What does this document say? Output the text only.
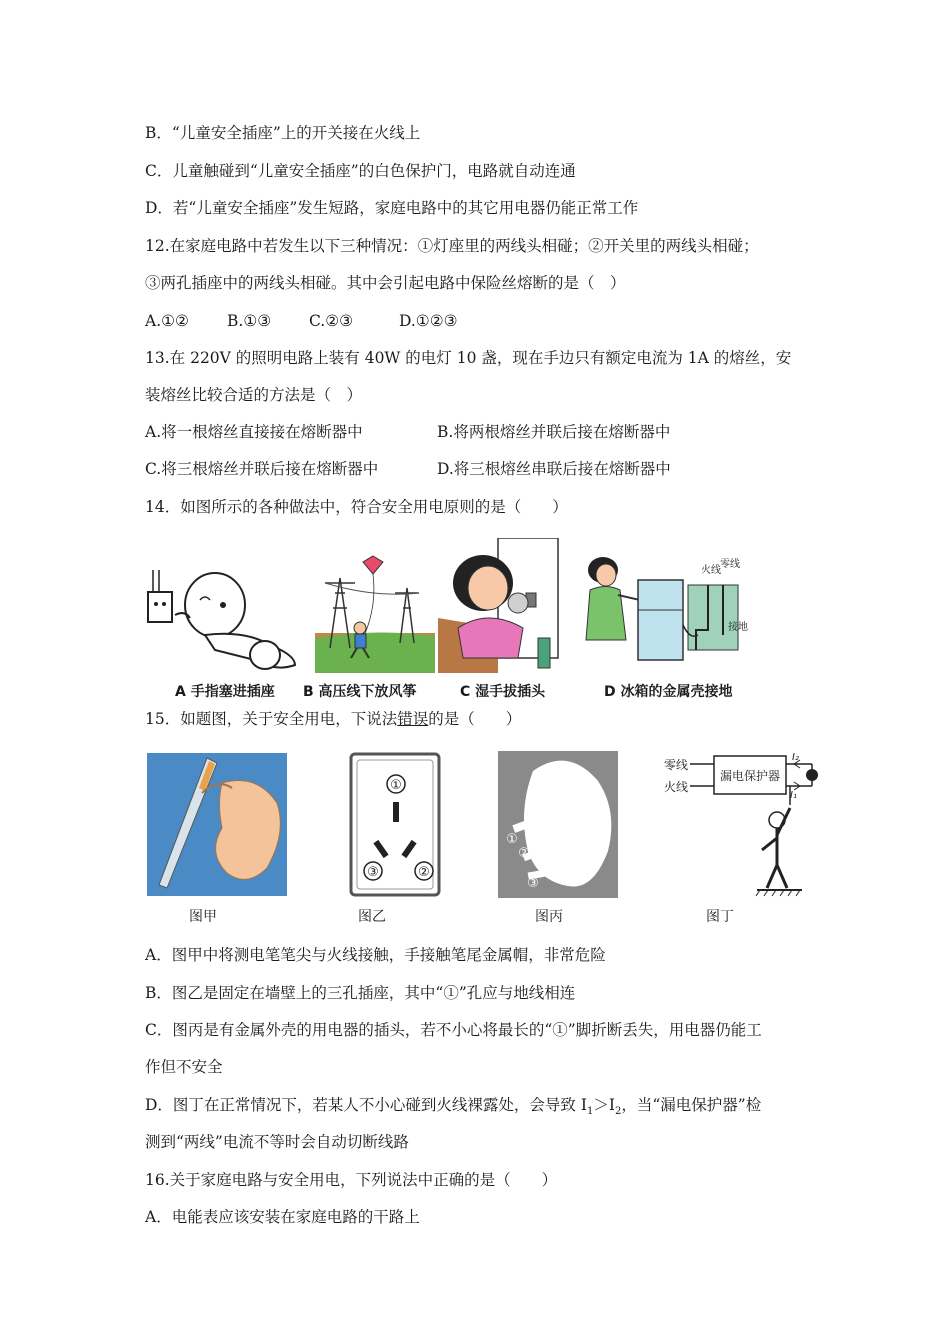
B．“儿童安全插座”上的开关接在火线上
C．儿童触碰到“儿童安全插座”的白色保护门，电路就自动连通
D．若“儿童安全插座”发生短路，家庭电路中的其它用电器仍能正常工作
12.在家庭电路中若发生以下三种情况：①灯座里的两线头相碰；②开关里的两线头相碰；
③两孔插座中的两线头相碰。其中会引起电路中保险丝熔断的是（　）
A.①② B.①③ C.②③	D.①②③
13.在 220V 的照明电路上装有 40W 的电灯 10 盏，现在手边只有额定电流为 1A 的熔丝，安
装熔丝比较合适的方法是（　）
A.将一根熔丝直接接在熔断器中	B.将两根熔丝并联后接在熔断器中
C.将三根熔丝并联后接在熔断器中	D.将三根熔丝串联后接在熔断器中
14．如图所示的各种做法中，符合安全用电原则的是（　　）
火线
零线
接地
A 手指塞进插座 B 高压线下放风筝	C 湿手拔插头	D 冰箱的金属壳接地
15．如题图，关于安全用电，下说法错误的是（　　）
①
③	②
①
②
③
零线
火线
漏电保护器
I₂
I₁
图甲	图乙	图丙	图丁
A．图甲中将测电笔笔尖与火线接触，手接触笔尾金属帽，非常危险
B．图乙是固定在墙壁上的三孔插座，其中“①”孔应与地线相连
C．图丙是有金属外壳的用电器的插头，若不小心将最长的“①”脚折断丢失，用电器仍能工
作但不安全
D．图丁在正常情况下，若某人不小心碰到火线裸露处，会导致 $I_1>I_2$，当“漏电保护器”检
测到“两线”电流不等时会自动切断线路
16.关于家庭电路与安全用电，下列说法中正确的是（　　）
A．电能表应该安装在家庭电路的干路上
